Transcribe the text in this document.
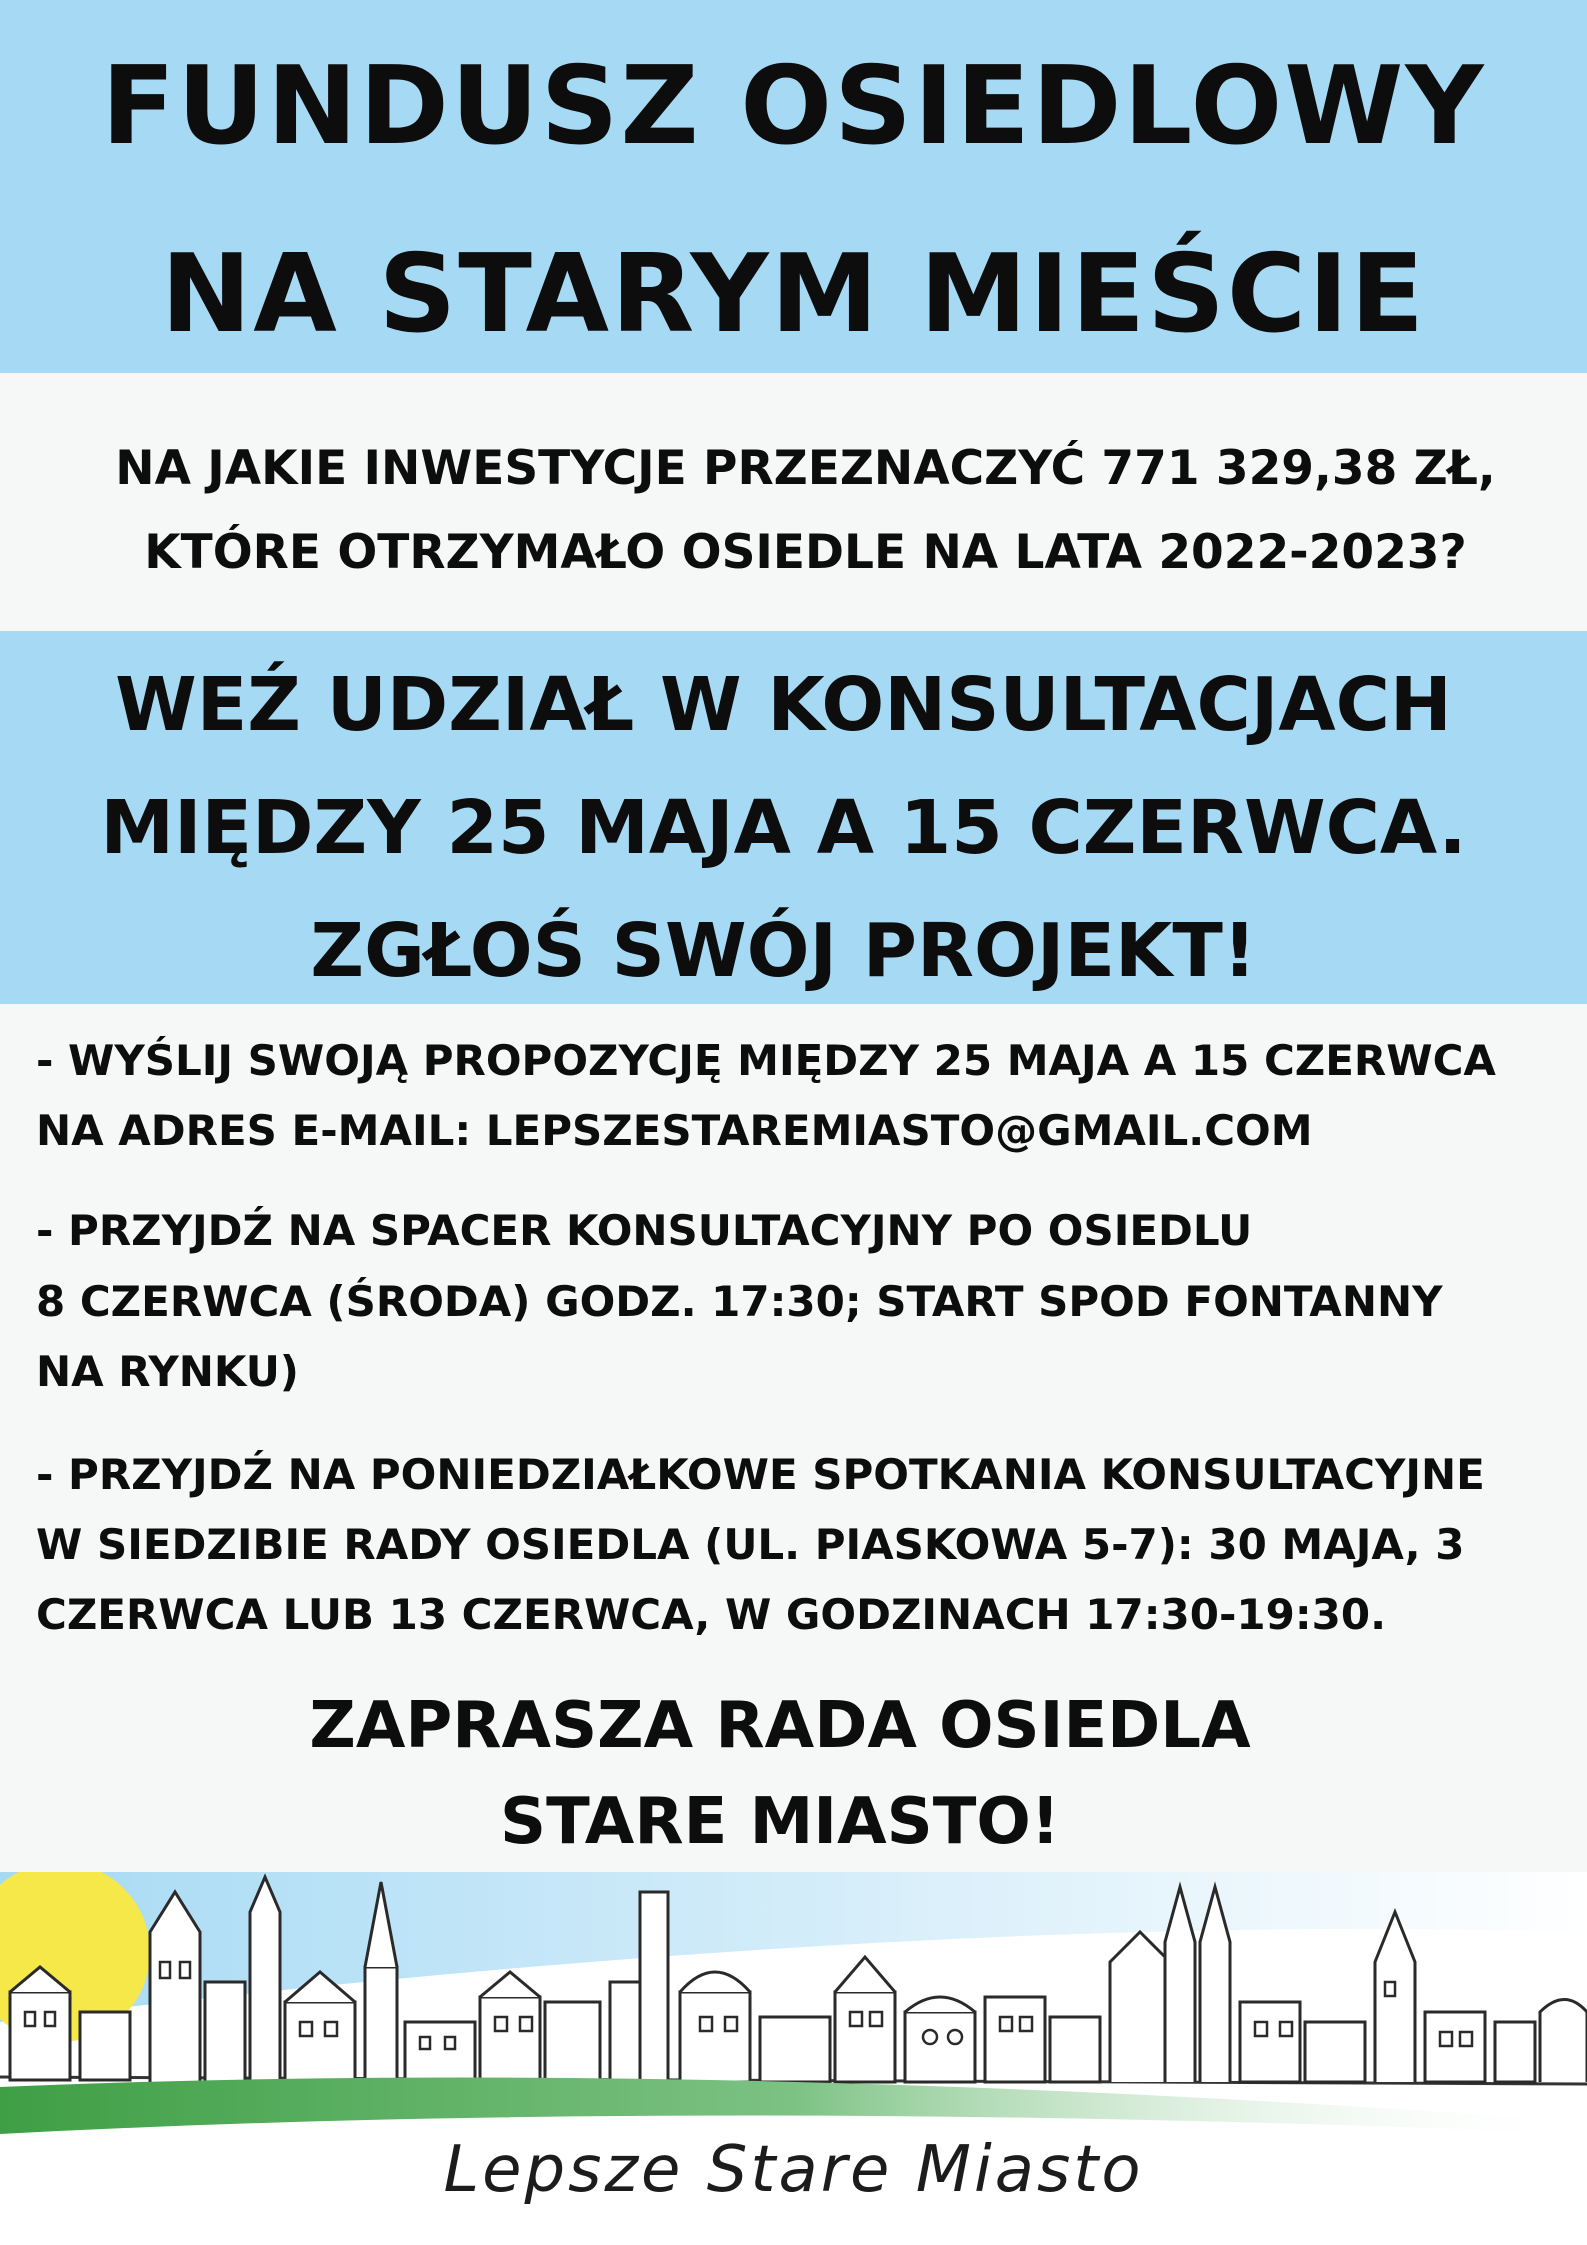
FUNDUSZ OSIEDLOWY
NA STARYM MIEŚCIE
NA JAKIE INWESTYCJE PRZEZNACZYĆ 771 329,38 ZŁ,
KTÓRE OTRZYMAŁO OSIEDLE NA LATA 2022-2023?
WEŹ UDZIAŁ W KONSULTACJACH
MIĘDZY 25 MAJA A 15 CZERWCA.
ZGŁOŚ SWÓJ PROJEKT!
- WYŚLIJ SWOJĄ PROPOZYCJĘ MIĘDZY 25 MAJA A 15 CZERWCA
NA ADRES E-MAIL: LEPSZESTAREMIASTO@GMAIL.COM
- PRZYJDŹ NA SPACER KONSULTACYJNY PO OSIEDLU
8 CZERWCA (ŚRODA) GODZ. 17:30; START SPOD FONTANNY
NA RYNKU)
- PRZYJDŹ NA PONIEDZIAŁKOWE SPOTKANIA KONSULTACYJNE
W SIEDZIBIE RADY OSIEDLA (UL. PIASKOWA 5-7): 30 MAJA, 3
CZERWCA LUB 13 CZERWCA, W GODZINACH 17:30-19:30.
ZAPRASZA RADA OSIEDLA
STARE MIASTO!
Lepsze Stare Miasto
